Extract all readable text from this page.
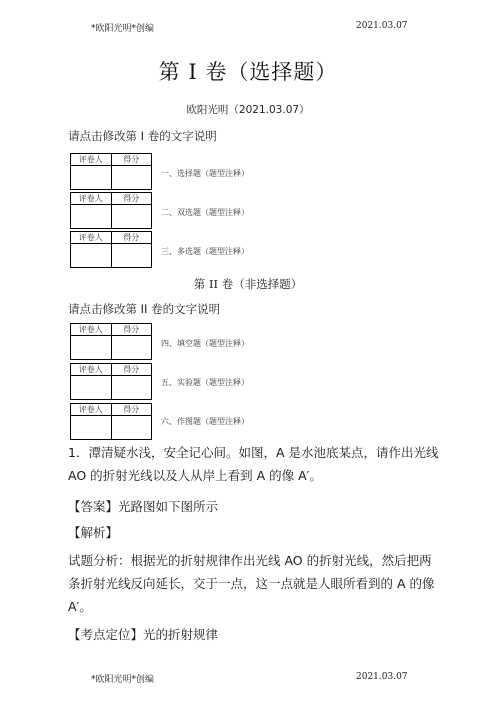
*欧阳光明*创编	2021.03.07
第 I 卷（选择题）
欧阳光明（2021.03.07）
请点击修改第 I 卷的文字说明
评卷人	得分

一、选择题（题型注释）
评卷人	得分

二、双选题（题型注释）
评卷人	得分

三、多选题（题型注释）
第 II 卷（非选择题）
请点击修改第 II 卷的文字说明
评卷人	得分

四、填空题（题型注释）
评卷人	得分

五、实验题（题型注释）
评卷人	得分

六、作图题（题型注释）
1．潭清疑水浅，安全记心间。如图，A 是水池底某点，请作出光线
AO 的折射光线以及人从岸上看到 A 的像 A′。
【答案】光路图如下图所示
【解析】
试题分析：根据光的折射规律作出光线 AO 的折射光线，然后把两
条折射光线反向延长，交于一点，这一点就是人眼所看到的 A 的像
A′。
【考点定位】光的折射规律
*欧阳光明*创编	2021.03.07
